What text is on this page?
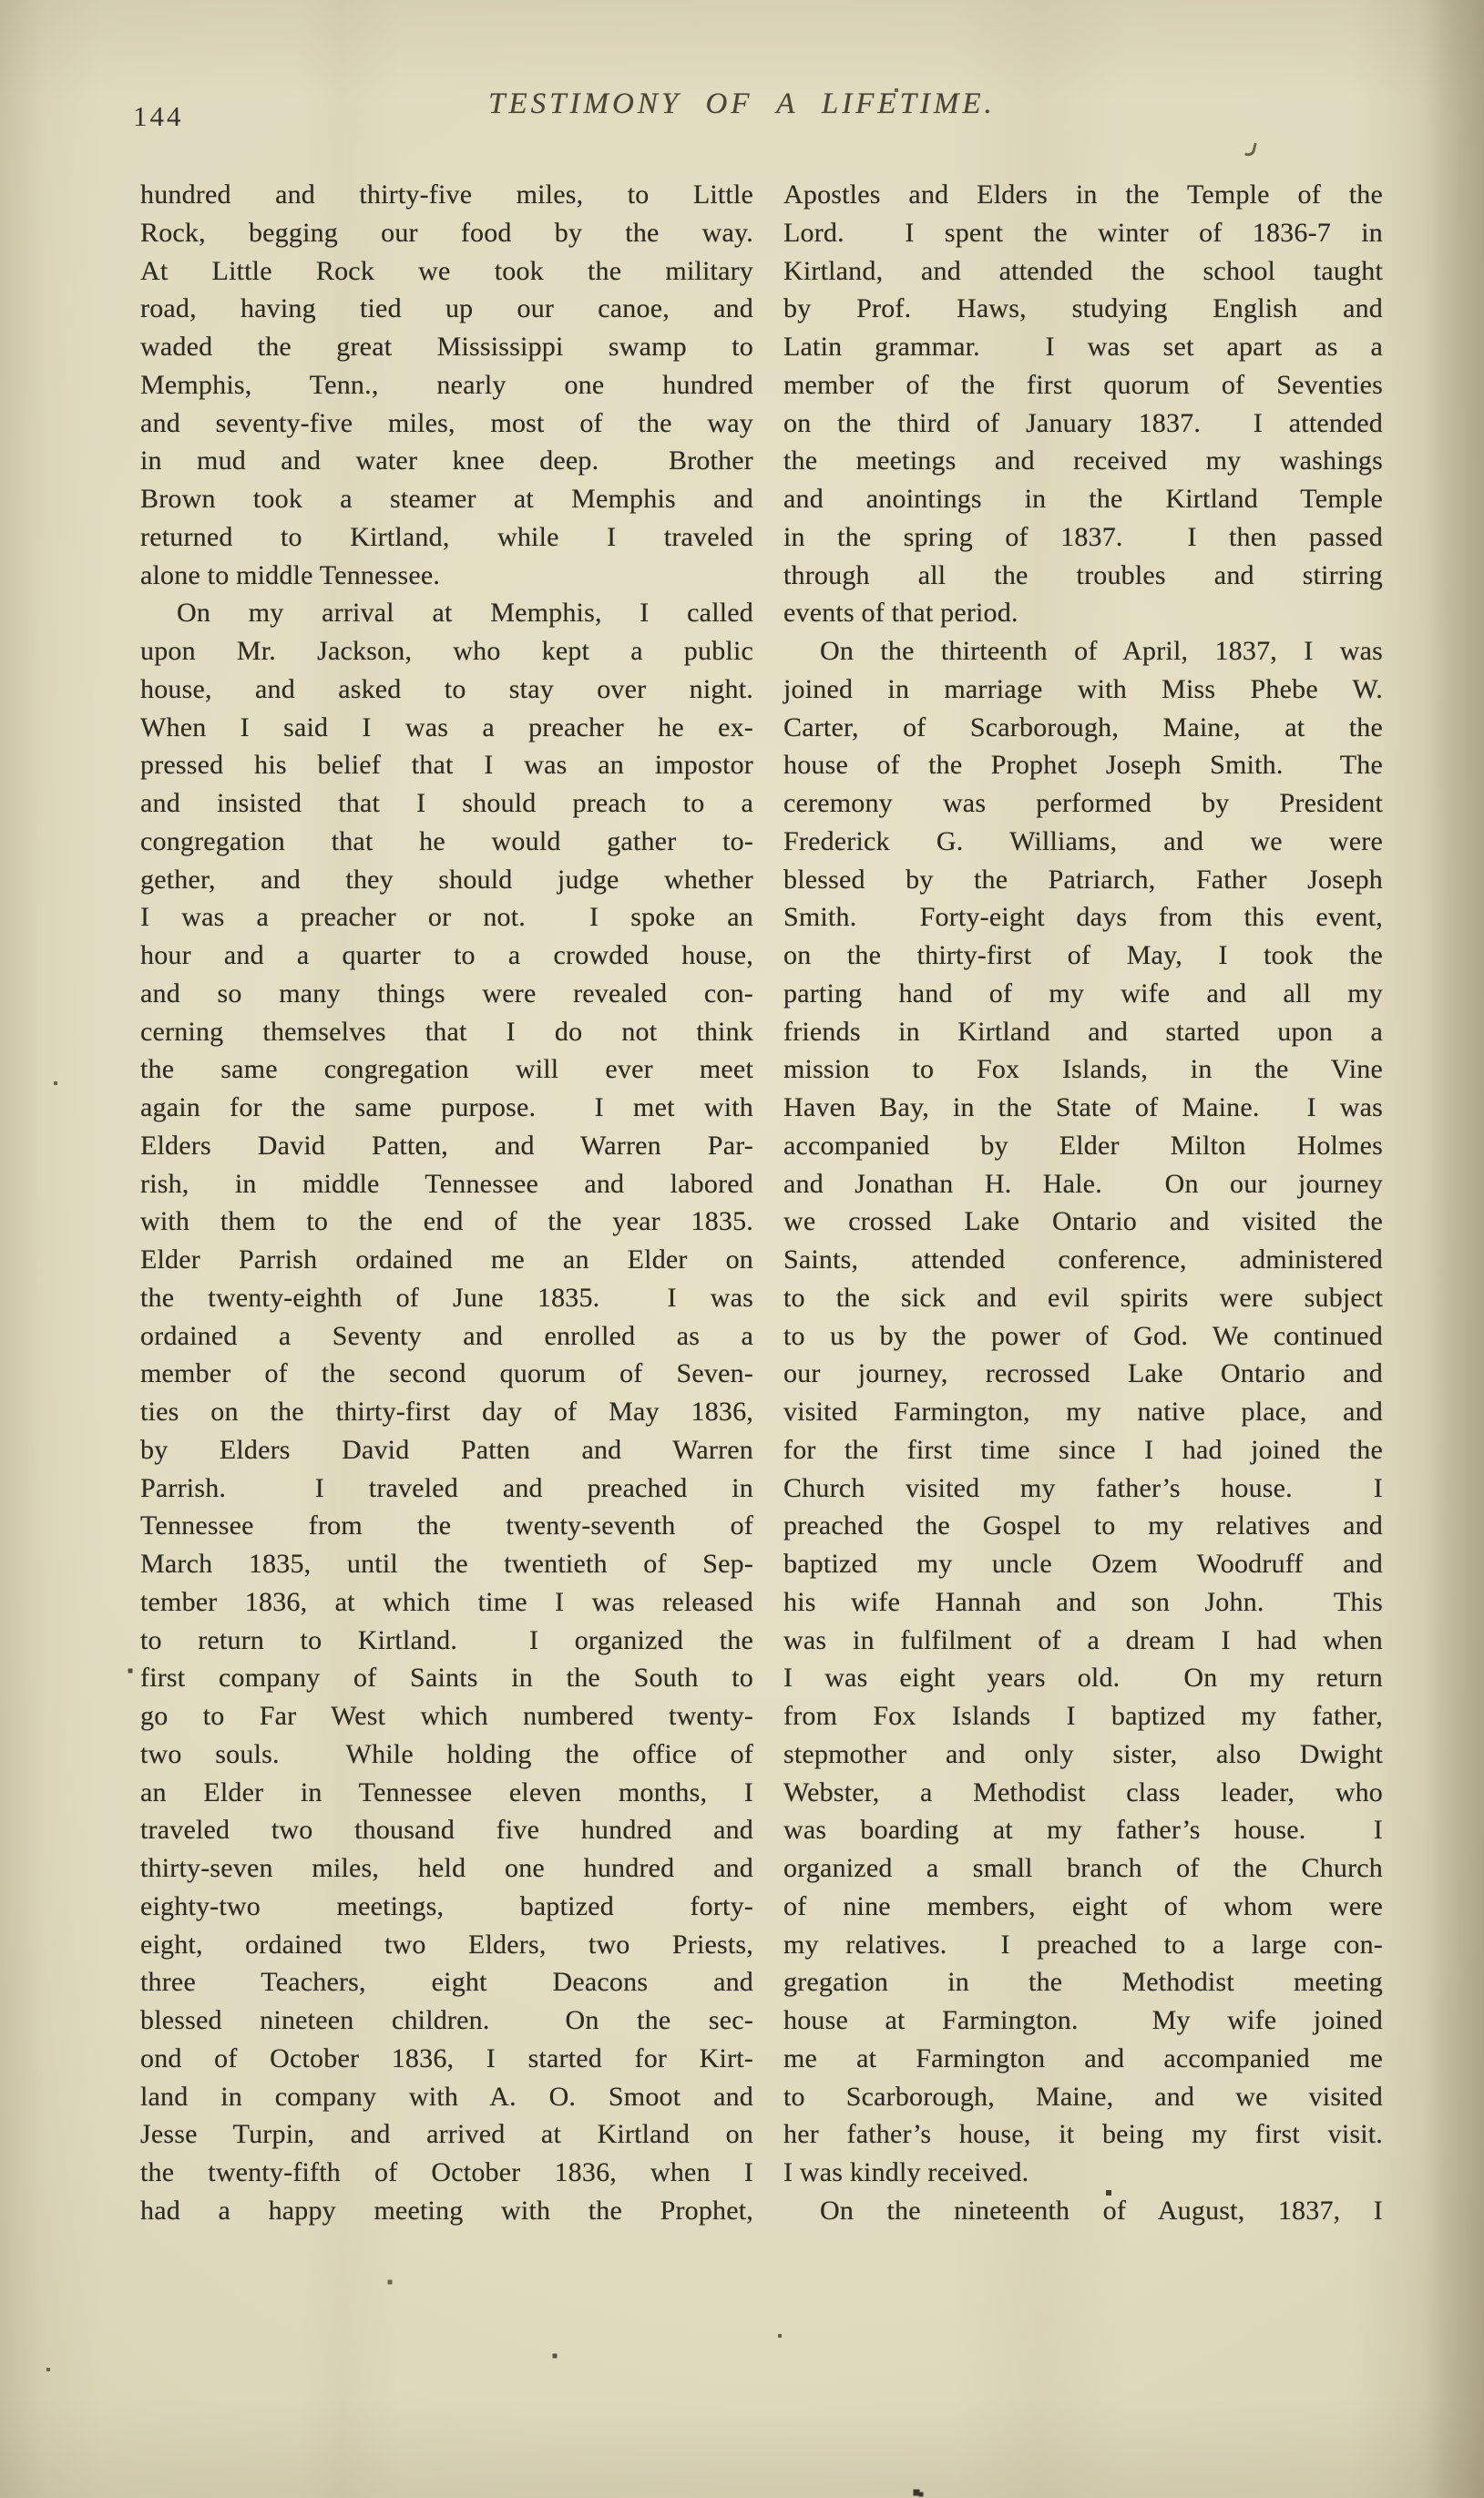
144	TESTIMONY OF A LIFETIME.
hundred and thirty-five miles, to Little
Rock, begging our food by the way.
At Little Rock we took the military
road, having tied up our canoe, and
waded the great Mississippi swamp to
Memphis, Tenn., nearly one hundred
and seventy-five miles, most of the way
in mud and water knee deep.  Brother
Brown took a steamer at Memphis and
returned to Kirtland, while I traveled
alone to middle Tennessee.
On my arrival at Memphis, I called
upon Mr. Jackson, who kept a public
house, and asked to stay over night.
When I said I was a preacher he ex-
pressed his belief that I was an impostor
and insisted that I should preach to a
congregation that he would gather to-
gether, and they should judge whether
I was a preacher or not.  I spoke an
hour and a quarter to a crowded house,
and so many things were revealed con-
cerning themselves that I do not think
the same congregation will ever meet
again for the same purpose.  I met with
Elders David Patten, and Warren Par-
rish, in middle Tennessee and labored
with them to the end of the year 1835.
Elder Parrish ordained me an Elder on
the twenty-eighth of June 1835.  I was
ordained a Seventy and enrolled as a
member of the second quorum of Seven-
ties on the thirty-first day of May 1836,
by Elders David Patten and Warren
Parrish.  I traveled and preached in
Tennessee from the twenty-seventh of
March 1835, until the twentieth of Sep-
tember 1836, at which time I was released
to return to Kirtland.  I organized the
first company of Saints in the South to
go to Far West which numbered twenty-
two souls.  While holding the office of
an Elder in Tennessee eleven months, I
traveled two thousand five hundred and
thirty-seven miles, held one hundred and
eighty-two meetings, baptized forty-
eight, ordained two Elders, two Priests,
three Teachers, eight Deacons and
blessed nineteen children.  On the sec-
ond of October 1836, I started for Kirt-
land in company with A. O. Smoot and
Jesse Turpin, and arrived at Kirtland on
the twenty-fifth of October 1836, when I
had a happy meeting with the Prophet,
Apostles and Elders in the Temple of the
Lord.  I spent the winter of 1836-7 in
Kirtland, and attended the school taught
by Prof. Haws, studying English and
Latin grammar.  I was set apart as a
member of the first quorum of Seventies
on the third of January 1837.  I attended
the meetings and received my washings
and anointings in the Kirtland Temple
in the spring of 1837.  I then passed
through all the troubles and stirring
events of that period.
On the thirteenth of April, 1837, I was
joined in marriage with Miss Phebe W.
Carter, of Scarborough, Maine, at the
house of the Prophet Joseph Smith.  The
ceremony was performed by President
Frederick G. Williams, and we were
blessed by the Patriarch, Father Joseph
Smith.  Forty-eight days from this event,
on the thirty-first of May, I took the
parting hand of my wife and all my
friends in Kirtland and started upon a
mission to Fox Islands, in the Vine
Haven Bay, in the State of Maine.  I was
accompanied by Elder Milton Holmes
and Jonathan H. Hale.  On our journey
we crossed Lake Ontario and visited the
Saints, attended conference, administered
to the sick and evil spirits were subject
to us by the power of God. We continued
our journey, recrossed Lake Ontario and
visited Farmington, my native place, and
for the first time since I had joined the
Church visited my father’s house.  I
preached the Gospel to my relatives and
baptized my uncle Ozem Woodruff and
his wife Hannah and son John.  This
was in fulfilment of a dream I had when
I was eight years old.  On my return
from Fox Islands I baptized my father,
stepmother and only sister, also Dwight
Webster, a Methodist class leader, who
was boarding at my father’s house.  I
organized a small branch of the Church
of nine members, eight of whom were
my relatives.  I preached to a large con-
gregation in the Methodist meeting
house at Farmington.  My wife joined
me at Farmington and accompanied me
to Scarborough, Maine, and we visited
her father’s house, it being my first visit.
I was kindly received.
On the nineteenth of August, 1837, I
